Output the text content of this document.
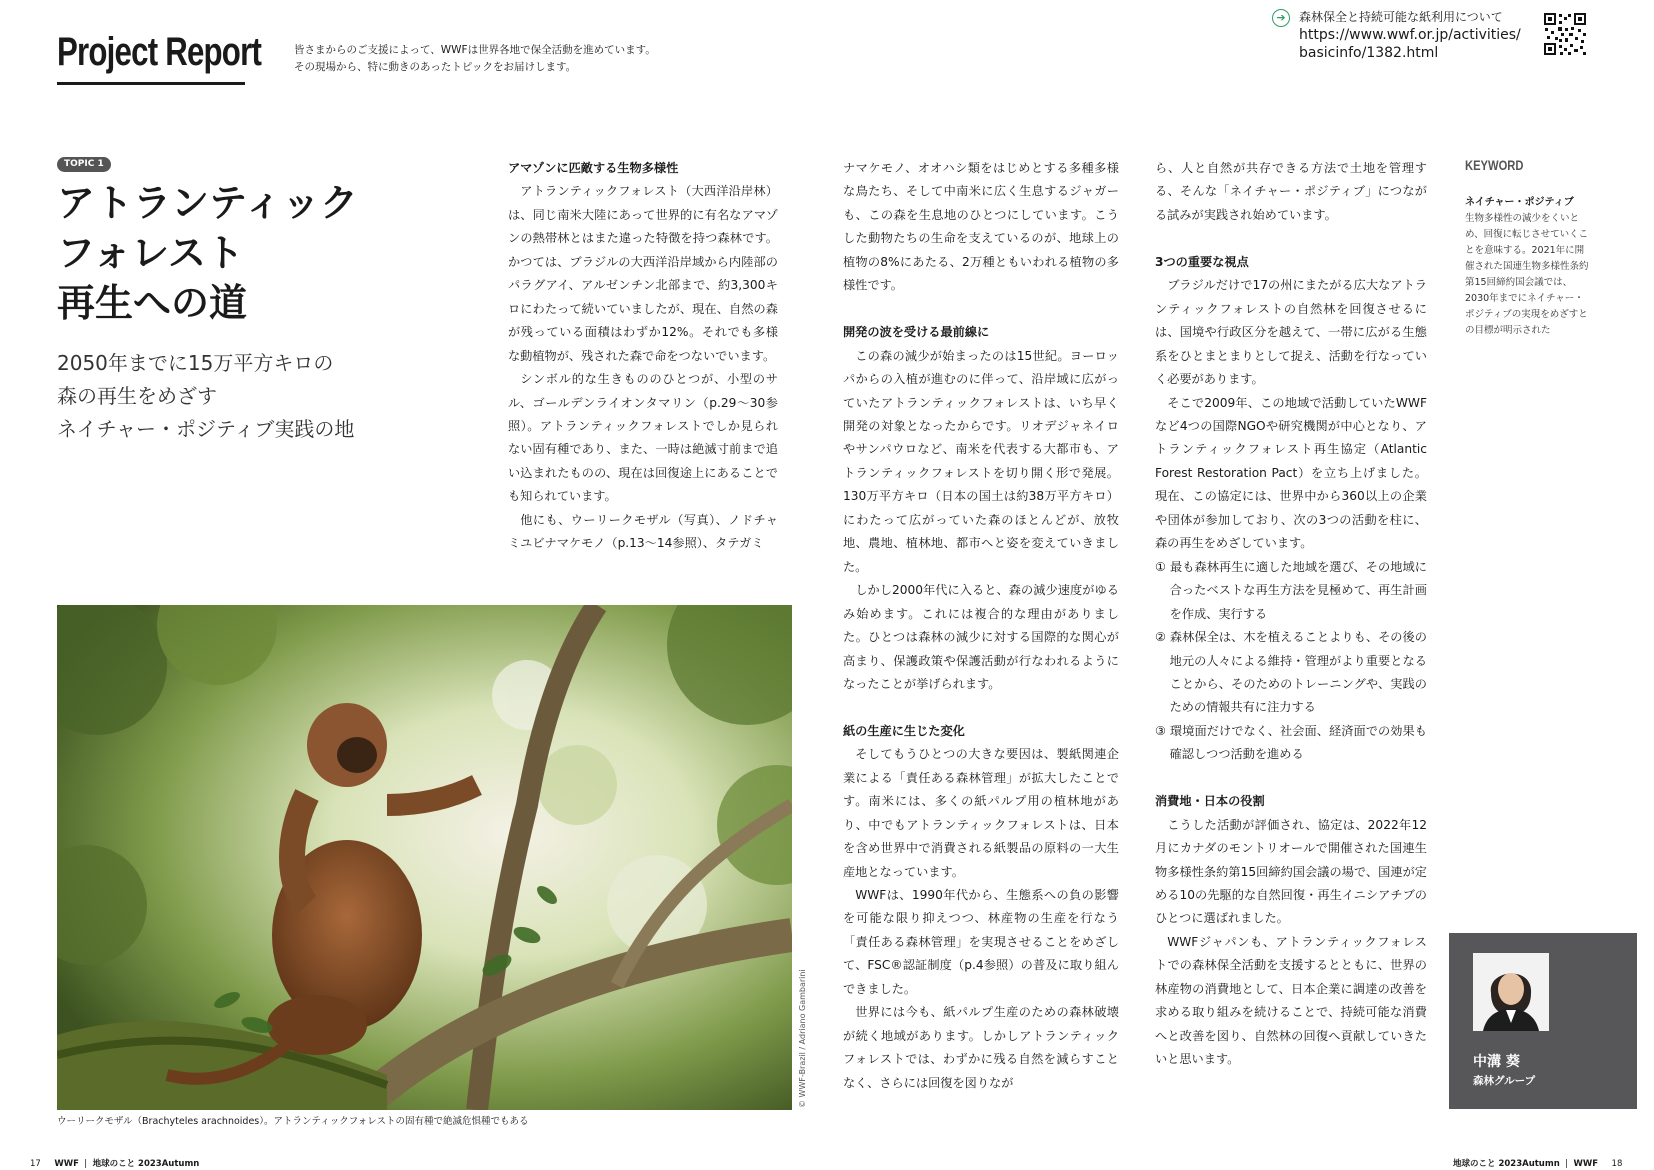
Project Report	皆さまからのご支援によって、WWFは世界各地で保全活動を進めています。
その現場から、特に動きのあったトピックをお届けします。
➔	森林保全と持続可能な紙利用について
https://www.wwf.or.jp/activities/
basicinfo/1382.html
TOPIC 1
アトランティック
フォレスト
再生への道
2050年までに15万平方キロの
森の再生をめざす
ネイチャー・ポジティブ実践の地
アマゾンに匹敵する生物多様性
アトランティックフォレスト（大西洋沿岸林）は、同じ南米大陸にあって世界的に有名なアマゾンの熱帯林とはまた違った特徴を持つ森林です。かつては、ブラジルの大西洋沿岸域から内陸部のパラグアイ、アルゼンチン北部まで、約3,300キロにわたって続いていましたが、現在、自然の森が残っている面積はわずか12%。それでも多様な動植物が、残された森で命をつないでいます。
シンボル的な生きもののひとつが、小型のサル、ゴールデンライオンタマリン（p.29〜30参照）。アトランティックフォレストでしか見られない固有種であり、また、一時は絶滅寸前まで追い込まれたものの、現在は回復途上にあることでも知られています。
他にも、ウーリークモザル（写真）、ノドチャミユビナマケモノ（p.13〜14参照）、タテガミ
ナマケモノ、オオハシ類をはじめとする多種多様な鳥たち、そして中南米に広く生息するジャガーも、この森を生息地のひとつにしています。こうした動物たちの生命を支えているのが、地球上の植物の8%にあたる、2万種ともいわれる植物の多様性です。
開発の波を受ける最前線に
この森の減少が始まったのは15世紀。ヨーロッパからの入植が進むのに伴って、沿岸域に広がっていたアトランティックフォレストは、いち早く開発の対象となったからです。リオデジャネイロやサンパウロなど、南米を代表する大都市も、アトランティックフォレストを切り開く形で発展。130万平方キロ（日本の国土は約38万平方キロ）にわたって広がっていた森のほとんどが、放牧地、農地、植林地、都市へと姿を変えていきました。
しかし2000年代に入ると、森の減少速度がゆるみ始めます。これには複合的な理由がありました。ひとつは森林の減少に対する国際的な関心が高まり、保護政策や保護活動が行なわれるようになったことが挙げられます。
紙の生産に生じた変化
そしてもうひとつの大きな要因は、製紙関連企業による「責任ある森林管理」が拡大したことです。南米には、多くの紙パルプ用の植林地があり、中でもアトランティックフォレストは、日本を含め世界中で消費される紙製品の原料の一大生産地となっています。
WWFは、1990年代から、生態系への負の影響を可能な限り抑えつつ、林産物の生産を行なう「責任ある森林管理」を実現させることをめざして、FSC®認証制度（p.4参照）の普及に取り組んできました。
世界には今も、紙パルプ生産のための森林破壊が続く地域があります。しかしアトランティックフォレストでは、わずかに残る自然を減らすことなく、さらには回復を図りなが
ら、人と自然が共存できる方法で土地を管理する、そんな「ネイチャー・ポジティブ」につながる試みが実践され始めています。
3つの重要な視点
ブラジルだけで17の州にまたがる広大なアトランティックフォレストの自然林を回復させるには、国境や行政区分を越えて、一帯に広がる生態系をひとまとまりとして捉え、活動を行なっていく必要があります。
そこで2009年、この地域で活動していたWWFなど4つの国際NGOや研究機関が中心となり、アトランティックフォレスト再生協定（Atlantic Forest Restoration Pact）を立ち上げました。現在、この協定には、世界中から360以上の企業や団体が参加しており、次の3つの活動を柱に、森の再生をめざしています。
① 最も森林再生に適した地域を選び、その地域に合ったベストな再生方法を見極めて、再生計画を作成、実行する
② 森林保全は、木を植えることよりも、その後の地元の人々による維持・管理がより重要となることから、そのためのトレーニングや、実践のための情報共有に注力する
③ 環境面だけでなく、社会面、経済面での効果も確認しつつ活動を進める
消費地・日本の役割
こうした活動が評価され、協定は、2022年12月にカナダのモントリオールで開催された国連生物多様性条約第15回締約国会議の場で、国連が定める10の先駆的な自然回復・再生イニシアチブのひとつに選ばれました。
WWFジャパンも、アトランティックフォレストでの森林保全活動を支援するとともに、世界の林産物の消費地として、日本企業に調達の改善を求める取り組みを続けることで、持続可能な消費へと改善を図り、自然林の回復へ貢献していきたいと思います。
KEYWORD
ネイチャー・ポジティブ
生物多様性の減少をくいとめ、回復に転じさせていくことを意味する。2021年に開催された国連生物多様性条約第15回締約国会議では、2030年までにネイチャー・ポジティブの実現をめざすとの目標が明示された
© WWF-Brazil / Adriano Gambarini
ウーリークモザル（Brachyteles arachnoides）。アトランティックフォレストの固有種で絶滅危惧種でもある
中溝 葵
森林グループ
17 WWF  |  地球のこと 2023Autumn	地球のこと 2023Autumn  |  WWF 18
